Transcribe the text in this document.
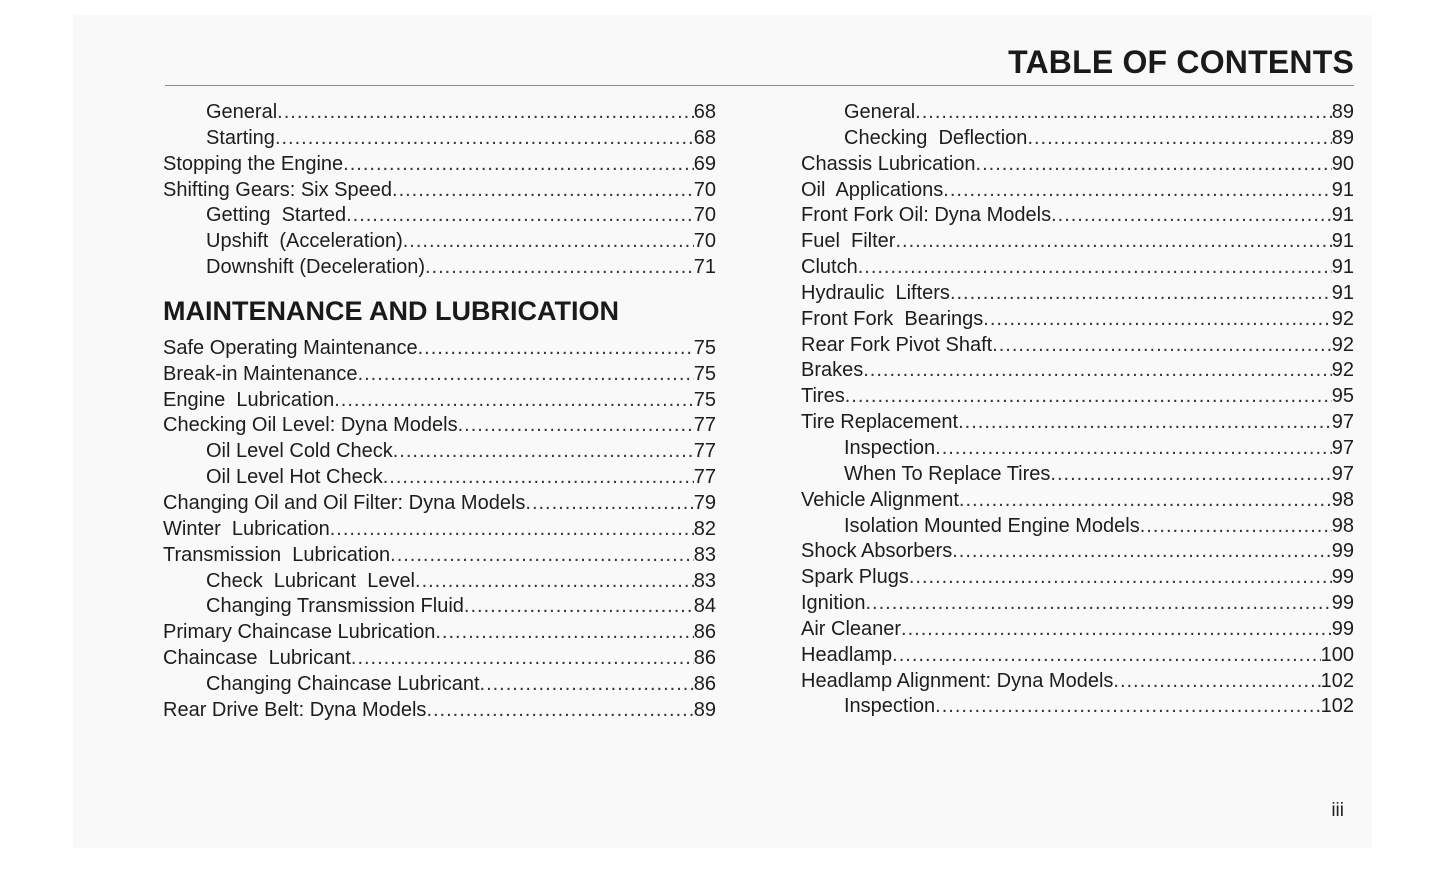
TABLE OF CONTENTS
General .....	68
Starting .....	68
Stopping the Engine .....	69
Shifting Gears: Six Speed .....	70
Getting  Started .....	70
Upshift  (Acceleration) .....	70
Downshift (Deceleration) .....	71
MAINTENANCE AND LUBRICATION
Safe Operating Maintenance .....	75
Break-in Maintenance .....	75
Engine  Lubrication .....	75
Checking Oil Level: Dyna Models .....	77
Oil Level Cold Check .....	77
Oil Level Hot Check .....	77
Changing Oil and Oil Filter: Dyna Models .....	79
Winter  Lubrication .....	82
Transmission  Lubrication .....	83
Check  Lubricant  Level .....	83
Changing Transmission Fluid .....	84
Primary Chaincase Lubrication .....	86
Chaincase  Lubricant .....	86
Changing Chaincase Lubricant .....	86
Rear Drive Belt: Dyna Models .....	89
General .....	89
Checking  Deflection .....	89
Chassis Lubrication .....	90
Oil  Applications .....	91
Front Fork Oil: Dyna Models .....	91
Fuel  Filter .....	91
Clutch .....	91
Hydraulic  Lifters .....	91
Front Fork  Bearings .....	92
Rear Fork Pivot Shaft .....	92
Brakes .....	92
Tires .....	95
Tire Replacement .....	97
Inspection .....	97
When To Replace Tires .....	97
Vehicle Alignment .....	98
Isolation Mounted Engine Models .....	98
Shock Absorbers .....	99
Spark Plugs .....	99
Ignition .....	99
Air Cleaner .....	99
Headlamp .....	100
Headlamp Alignment: Dyna Models .....	102
Inspection .....	102
iii
